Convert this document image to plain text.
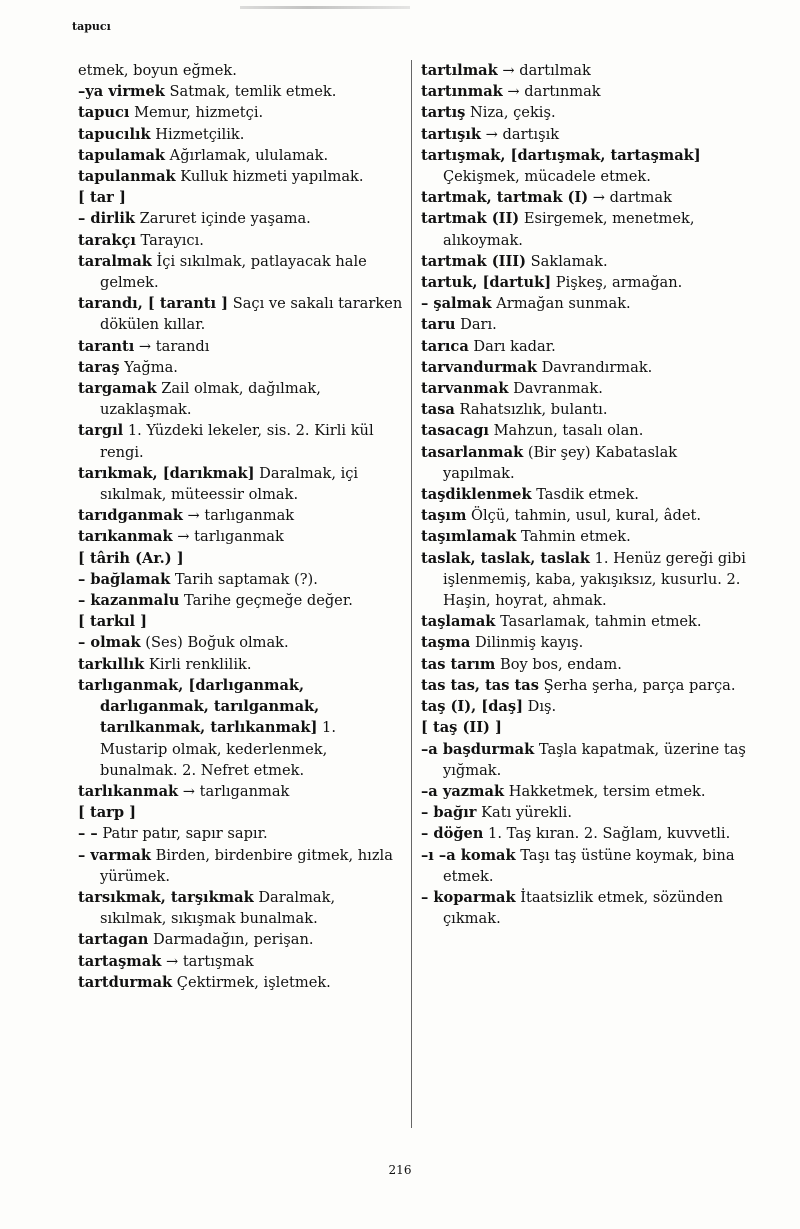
tapucı
etmek, boyun eğmek.
–ya virmek Satmak, temlik etmek.
tapucı Memur, hizmetçi.
tapucılık Hizmetçilik.
tapulamak Ağırlamak, ululamak.
tapulanmak Kulluk hizmeti yapılmak.
[ tar ]
– dirlik Zaruret içinde yaşama.
tarakçı Tarayıcı.
taralmak İçi sıkılmak, patlayacak hale gelmek.
tarandı, [ tarantı ] Saçı ve sakalı tararken dökülen kıllar.
tarantı → tarandı
taraş Yağma.
targamak Zail olmak, dağılmak, uzaklaşmak.
targıl 1. Yüzdeki lekeler, sis. 2. Kirli kül rengi.
tarıkmak, [darıkmak] Daralmak, içi sıkılmak, müteessir olmak.
tarıdganmak → tarlıganmak
tarıkanmak → tarlıganmak
[ târih (Ar.) ]
– bağlamak Tarih saptamak (?).
– kazanmalu Tarihe geçmeğe değer.
[ tarkıl ]
– olmak (Ses) Boğuk olmak.
tarkıllık Kirli renklilik.
tarlıganmak, [darlıganmak, darlıganmak, tarılganmak, tarılkanmak, tarlıkanmak] 1. Mustarip olmak, kederlenmek, bunalmak. 2. Nefret etmek.
tarlıkanmak → tarlıganmak
[ tarp ]
– – Patır patır, sapır sapır.
– varmak Birden, birdenbire gitmek, hızla yürümek.
tarsıkmak, tarşıkmak Daralmak, sıkılmak, sıkışmak bunalmak.
tartagan Darmadağın, perişan.
tartaşmak → tartışmak
tartdurmak Çektirmek, işletmek.
tartılmak → dartılmak
tartınmak → dartınmak
tartış Niza, çekiş.
tartışık → dartışık
tartışmak, [dartışmak, tartaşmak] Çekişmek, mücadele etmek.
tartmak, tartmak (I) → dartmak
tartmak (II) Esirgemek, menetmek, alıkoymak.
tartmak (III) Saklamak.
tartuk, [dartuk] Pişkeş, armağan.
– şalmak Armağan sunmak.
taru Darı.
tarıca Darı kadar.
tarvandurmak Davrandırmak.
tarvanmak Davranmak.
tasa Rahatsızlık, bulantı.
tasacagı Mahzun, tasalı olan.
tasarlanmak (Bir şey) Kabataslak yapılmak.
taşdiklenmek Tasdik etmek.
taşım Ölçü, tahmin, usul, kural, âdet.
taşımlamak Tahmin etmek.
taslak, taslak, taslak 1. Henüz gereği gibi işlenmemiş, kaba, yakışıksız, kusurlu. 2. Haşin, hoyrat, ahmak.
taşlamak Tasarlamak, tahmin etmek.
taşma Dilinmiş kayış.
tas tarım Boy bos, endam.
tas tas, tas tas Şerha şerha, parça parça.
taş (I), [daş] Dış.
[ taş (II) ]
–a başdurmak Taşla kapatmak, üzerine taş yığmak.
–a yazmak Hakketmek, tersim etmek.
– bağır Katı yürekli.
– döğen 1. Taş kıran. 2. Sağlam, kuvvetli.
–ı –a komak Taşı taş üstüne koymak, bina etmek.
– koparmak İtaatsizlik etmek, sözünden çıkmak.
216
